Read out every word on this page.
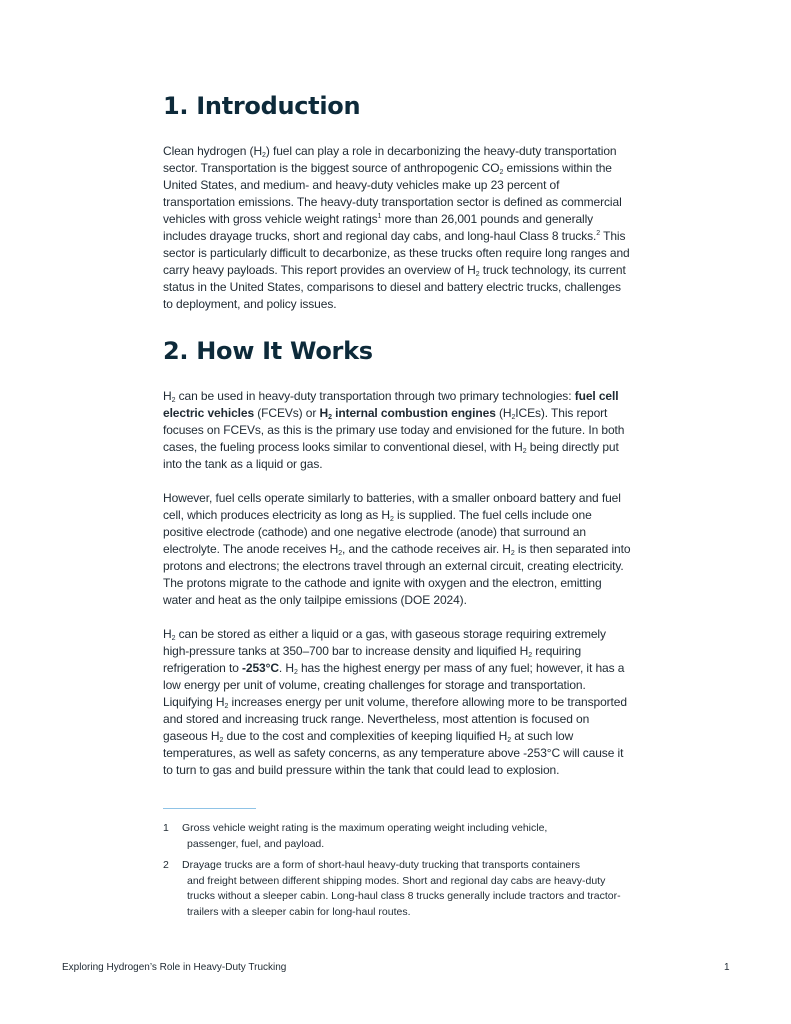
1. Introduction

Clean hydrogen $(H_2)$ fuel can play a role in decarbonizing the heavy-duty transportation sector. Transportation is the biggest source of anthropogenic $CO_2$ emissions within the United States, and medium- and heavy-duty vehicles make up 23 percent of transportation emissions. The heavy-duty transportation sector is defined as commercial vehicles with gross vehicle weight ratings$^1$ more than 26,001 pounds and generally includes drayage trucks, short and regional day cabs, and long-haul Class 8 trucks.$^2$ This sector is particularly difficult to decarbonize, as these trucks often require long ranges and carry heavy payloads. This report provides an overview of $H_2$ truck technology, its current status in the United States, comparisons to diesel and battery electric trucks, challenges to deployment, and policy issues.

2. How It Works

$H_2$ can be used in heavy-duty transportation through two primary technologies: fuel cell electric vehicles (FCEVs) or $H_2$ internal combustion engines $(H_2ICEs)$. This report focuses on FCEVs, as this is the primary use today and envisioned for the future. In both cases, the fueling process looks similar to conventional diesel, with $H_2$ being directly put into the tank as a liquid or gas.

However, fuel cells operate similarly to batteries, with a smaller onboard battery and fuel cell, which produces electricity as long as $H_2$ is supplied. The fuel cells include one positive electrode (cathode) and one negative electrode (anode) that surround an electrolyte. The anode receives $H_2$, and the cathode receives air. $H_2$ is then separated into protons and electrons; the electrons travel through an external circuit, creating electricity. The protons migrate to the cathode and ignite with oxygen and the electron, emitting water and heat as the only tailpipe emissions (DOE 2024).

$H_2$ can be stored as either a liquid or a gas, with gaseous storage requiring extremely high-pressure tanks at 350–700 bar to increase density and liquified $H_2$ requiring refrigeration to -253°C. $H_2$ has the highest energy per mass of any fuel; however, it has a low energy per unit of volume, creating challenges for storage and transportation. Liquifying $H_2$ increases energy per unit volume, therefore allowing more to be transported and stored and increasing truck range. Nevertheless, most attention is focused on gaseous $H_2$ due to the cost and complexities of keeping liquified $H_2$ at such low temperatures, as well as safety concerns, as any temperature above -253°C will cause it to turn to gas and build pressure within the tank that could lead to explosion.

1	Gross vehicle weight rating is the maximum operating weight including vehicle,
passenger, fuel, and payload.
2	Drayage trucks are a form of short-haul heavy-duty trucking that transports containers
and freight between different shipping modes. Short and regional day cabs are heavy-duty trucks without a sleeper cabin. Long-haul class 8 trucks generally include tractors and tractor-trailers with a sleeper cabin for long-haul routes.
Exploring Hydrogen’s Role in Heavy-Duty Trucking	1
